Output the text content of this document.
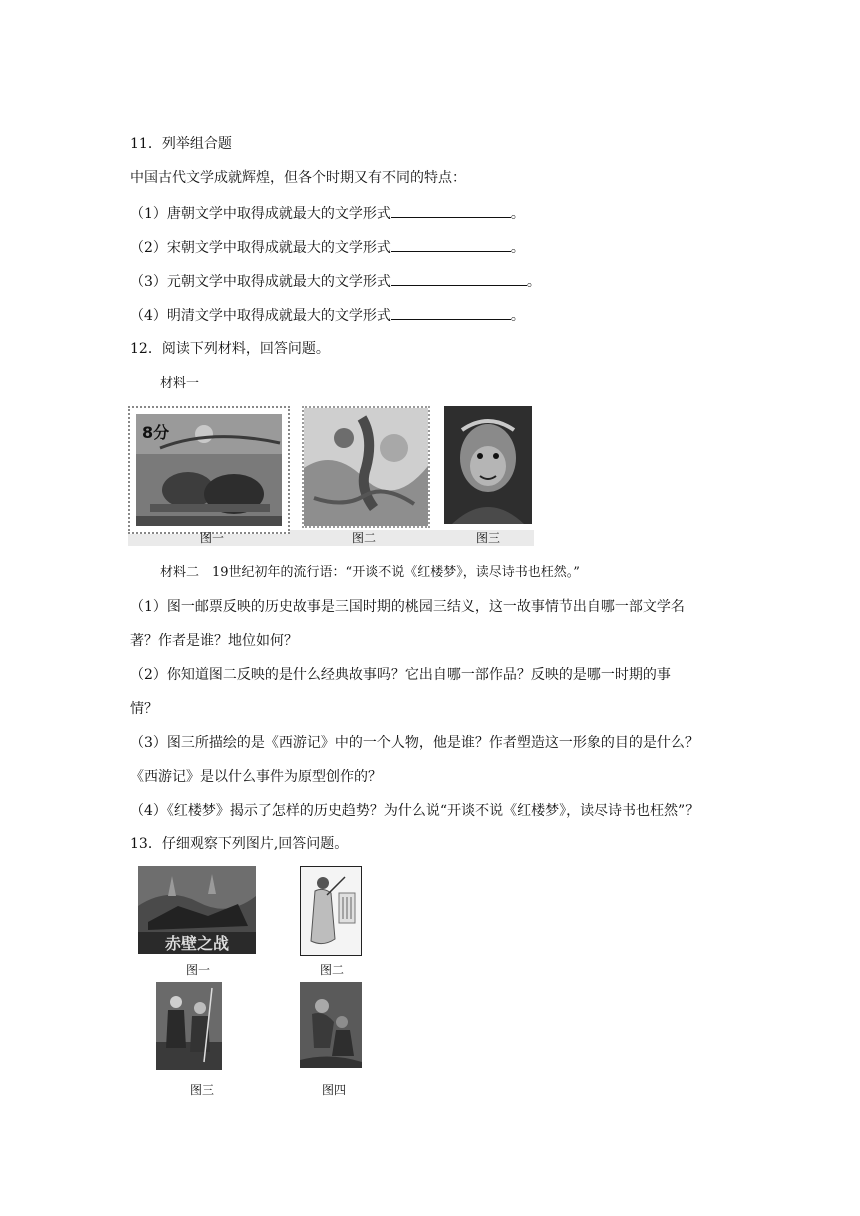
11．列举组合题
中国古代文学成就辉煌，但各个时期又有不同的特点：
（1）唐朝文学中取得成就最大的文学形式	。
（2）宋朝文学中取得成就最大的文学形式	。
（3）元朝文学中取得成就最大的文学形式	。
（4）明清文学中取得成就最大的文学形式	。
12．阅读下列材料，回答问题。
材料一
8分
图一	图二	图三
材料二　19世纪初年的流行语：“开谈不说《红楼梦》，读尽诗书也枉然。”
（1）图一邮票反映的历史故事是三国时期的桃园三结义，这一故事情节出自哪一部文学名
著？作者是谁？地位如何？
（2）你知道图二反映的是什么经典故事吗？它出自哪一部作品？反映的是哪一时期的事
情？
（3）图三所描绘的是《西游记》中的一个人物，他是谁？作者塑造这一形象的目的是什么？
《西游记》是以什么事件为原型创作的？
（4）《红楼梦》揭示了怎样的历史趋势？为什么说“开谈不说《红楼梦》，读尽诗书也枉然”？
13．仔细观察下列图片,回答问题。
赤壁之战
图一	图二
图三	图四
